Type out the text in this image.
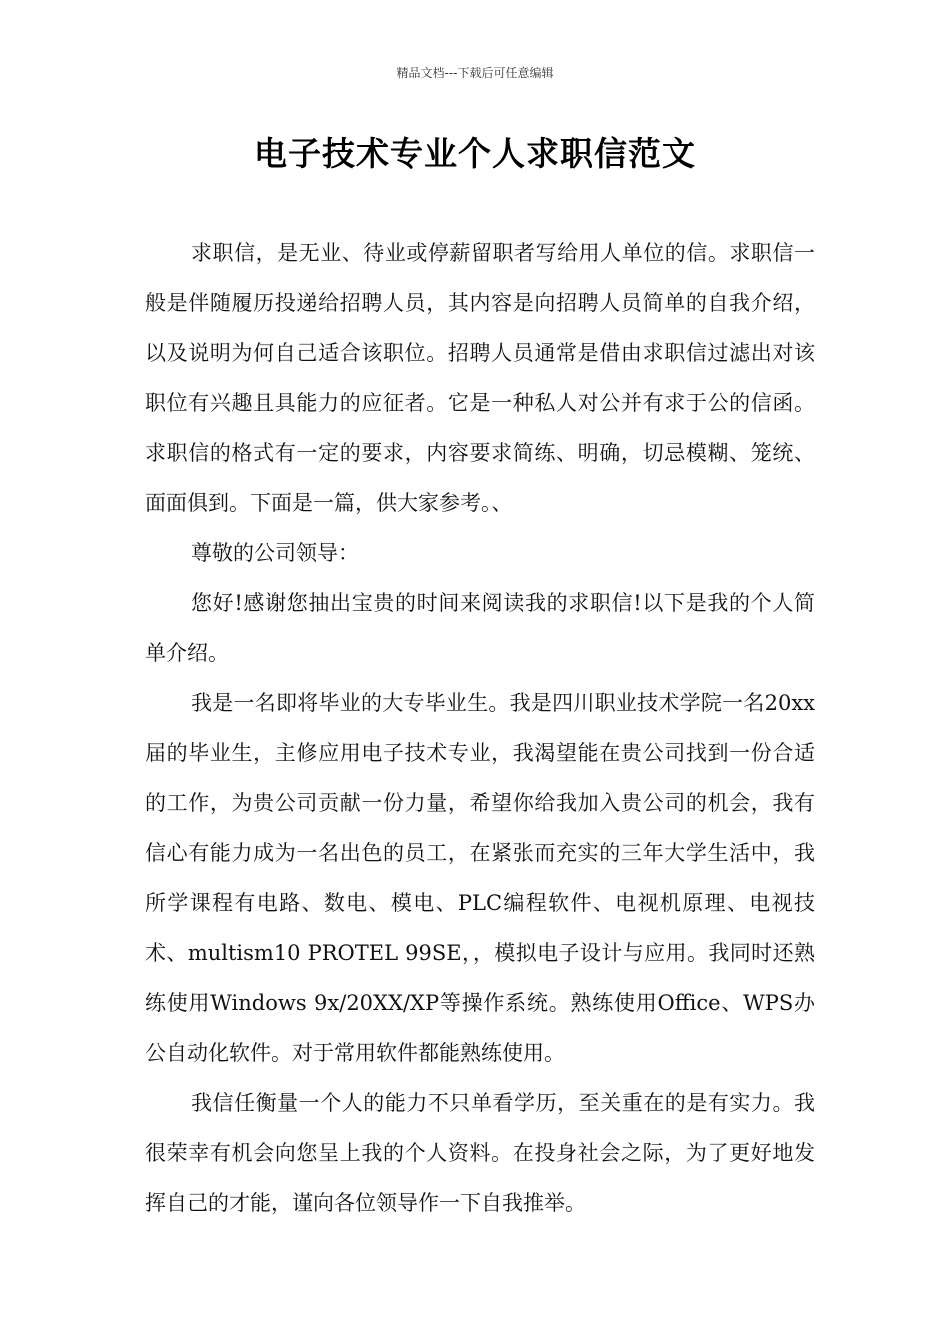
精品文档---下载后可任意编辑
电子技术专业个人求职信范文

求职信，是无业、待业或停薪留职者写给用人单位的信。求职信一般是伴随履历投递给招聘人员，其内容是向招聘人员简单的自我介绍，以及说明为何自己适合该职位。招聘人员通常是借由求职信过滤出对该职位有兴趣且具能力的应征者。它是一种私人对公并有求于公的信函。求职信的格式有一定的要求，内容要求简练、明确，切忌模糊、笼统、面面俱到。下面是一篇，供大家参考。、

尊敬的公司领导：

您好!感谢您抽出宝贵的时间来阅读我的求职信!以下是我的个人简单介绍。

我是一名即将毕业的大专毕业生。我是四川职业技术学院一名20xx届的毕业生，主修应用电子技术专业，我渴望能在贵公司找到一份合适的工作，为贵公司贡献一份力量，希望你给我加入贵公司的机会，我有信心有能力成为一名出色的员工，在紧张而充实的三年大学生活中，我所学课程有电路、数电、模电、PLC编程软件、电视机原理、电视技术、multism10 PROTEL 99SE，，模拟电子设计与应用。我同时还熟练使用Windows 9x/20XX/XP等操作系统。熟练使用Office、WPS办公自动化软件。对于常用软件都能熟练使用。

我信任衡量一个人的能力不只单看学历，至关重在的是有实力。我很荣幸有机会向您呈上我的个人资料。在投身社会之际，为了更好地发挥自己的才能，谨向各位领导作一下自我推举。
